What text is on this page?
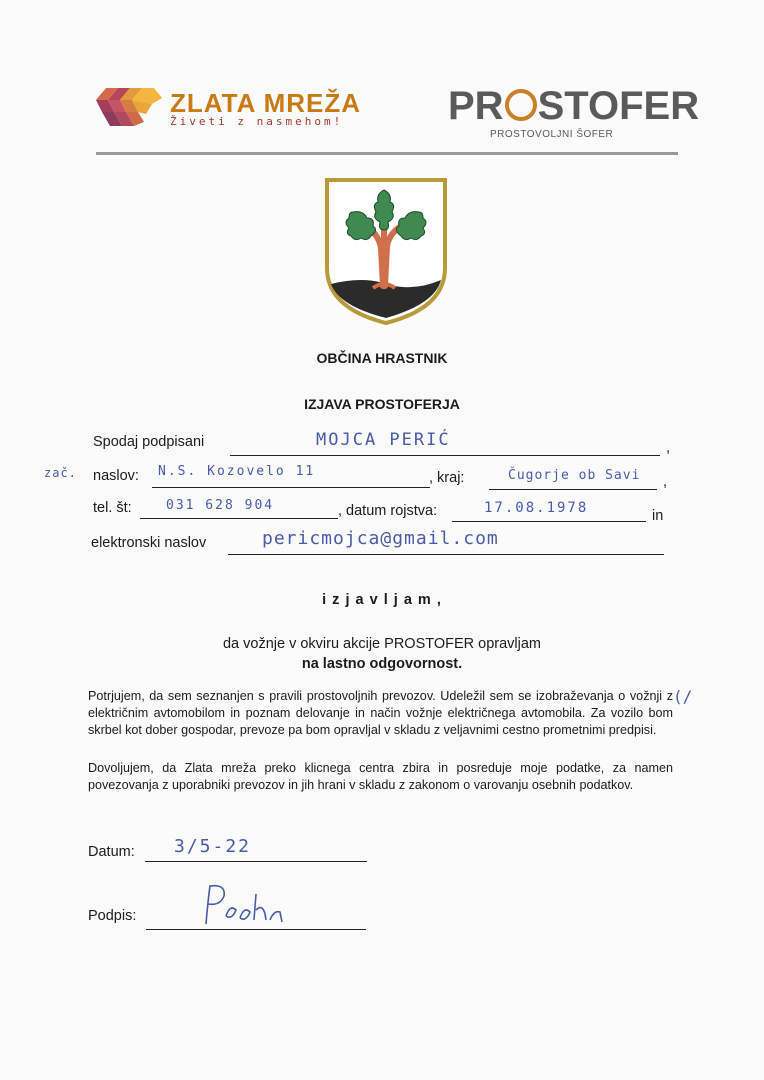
ZLATA MREŽA
Živeti z nasmehom!	PR STOFER
PROSTOVOLJNI ŠOFER
OBČINA HRASTNIK
IZJAVA PROSTOFERJA
Spodaj podpisani	MOJCA PERIĆ	,
zač. naslov: N.S. Kozovelo 11	, kraj:	Čugorje ob Savi ,
tel. št:	031 628 904	, datum rojstva:	17.08.1978	in
elektronski naslov	pericmojca@gmail.com
i z j a v l j a m ,
da vožnje v okviru akcije PROSTOFER opravljam
na lastno odgovornost.
Potrjujem, da sem seznanjen s pravili prostovoljnih prevozov. Udeležil sem se izobraževanja o vožnji z električnim avtomobilom in poznam delovanje in način vožnje električnega avtomobila. Za vozilo bom skrbel kot dober gospodar, prevoze pa bom opravljal v skladu z veljavnimi cestno prometnimi predpisi.
(/
Dovoljujem, da Zlata mreža preko klicnega centra zbira in posreduje moje podatke, za namen povezovanja z uporabniki prevozov in jih hrani v skladu z zakonom o varovanju osebnih podatkov.
Datum: 3/5-22
Podpis:
